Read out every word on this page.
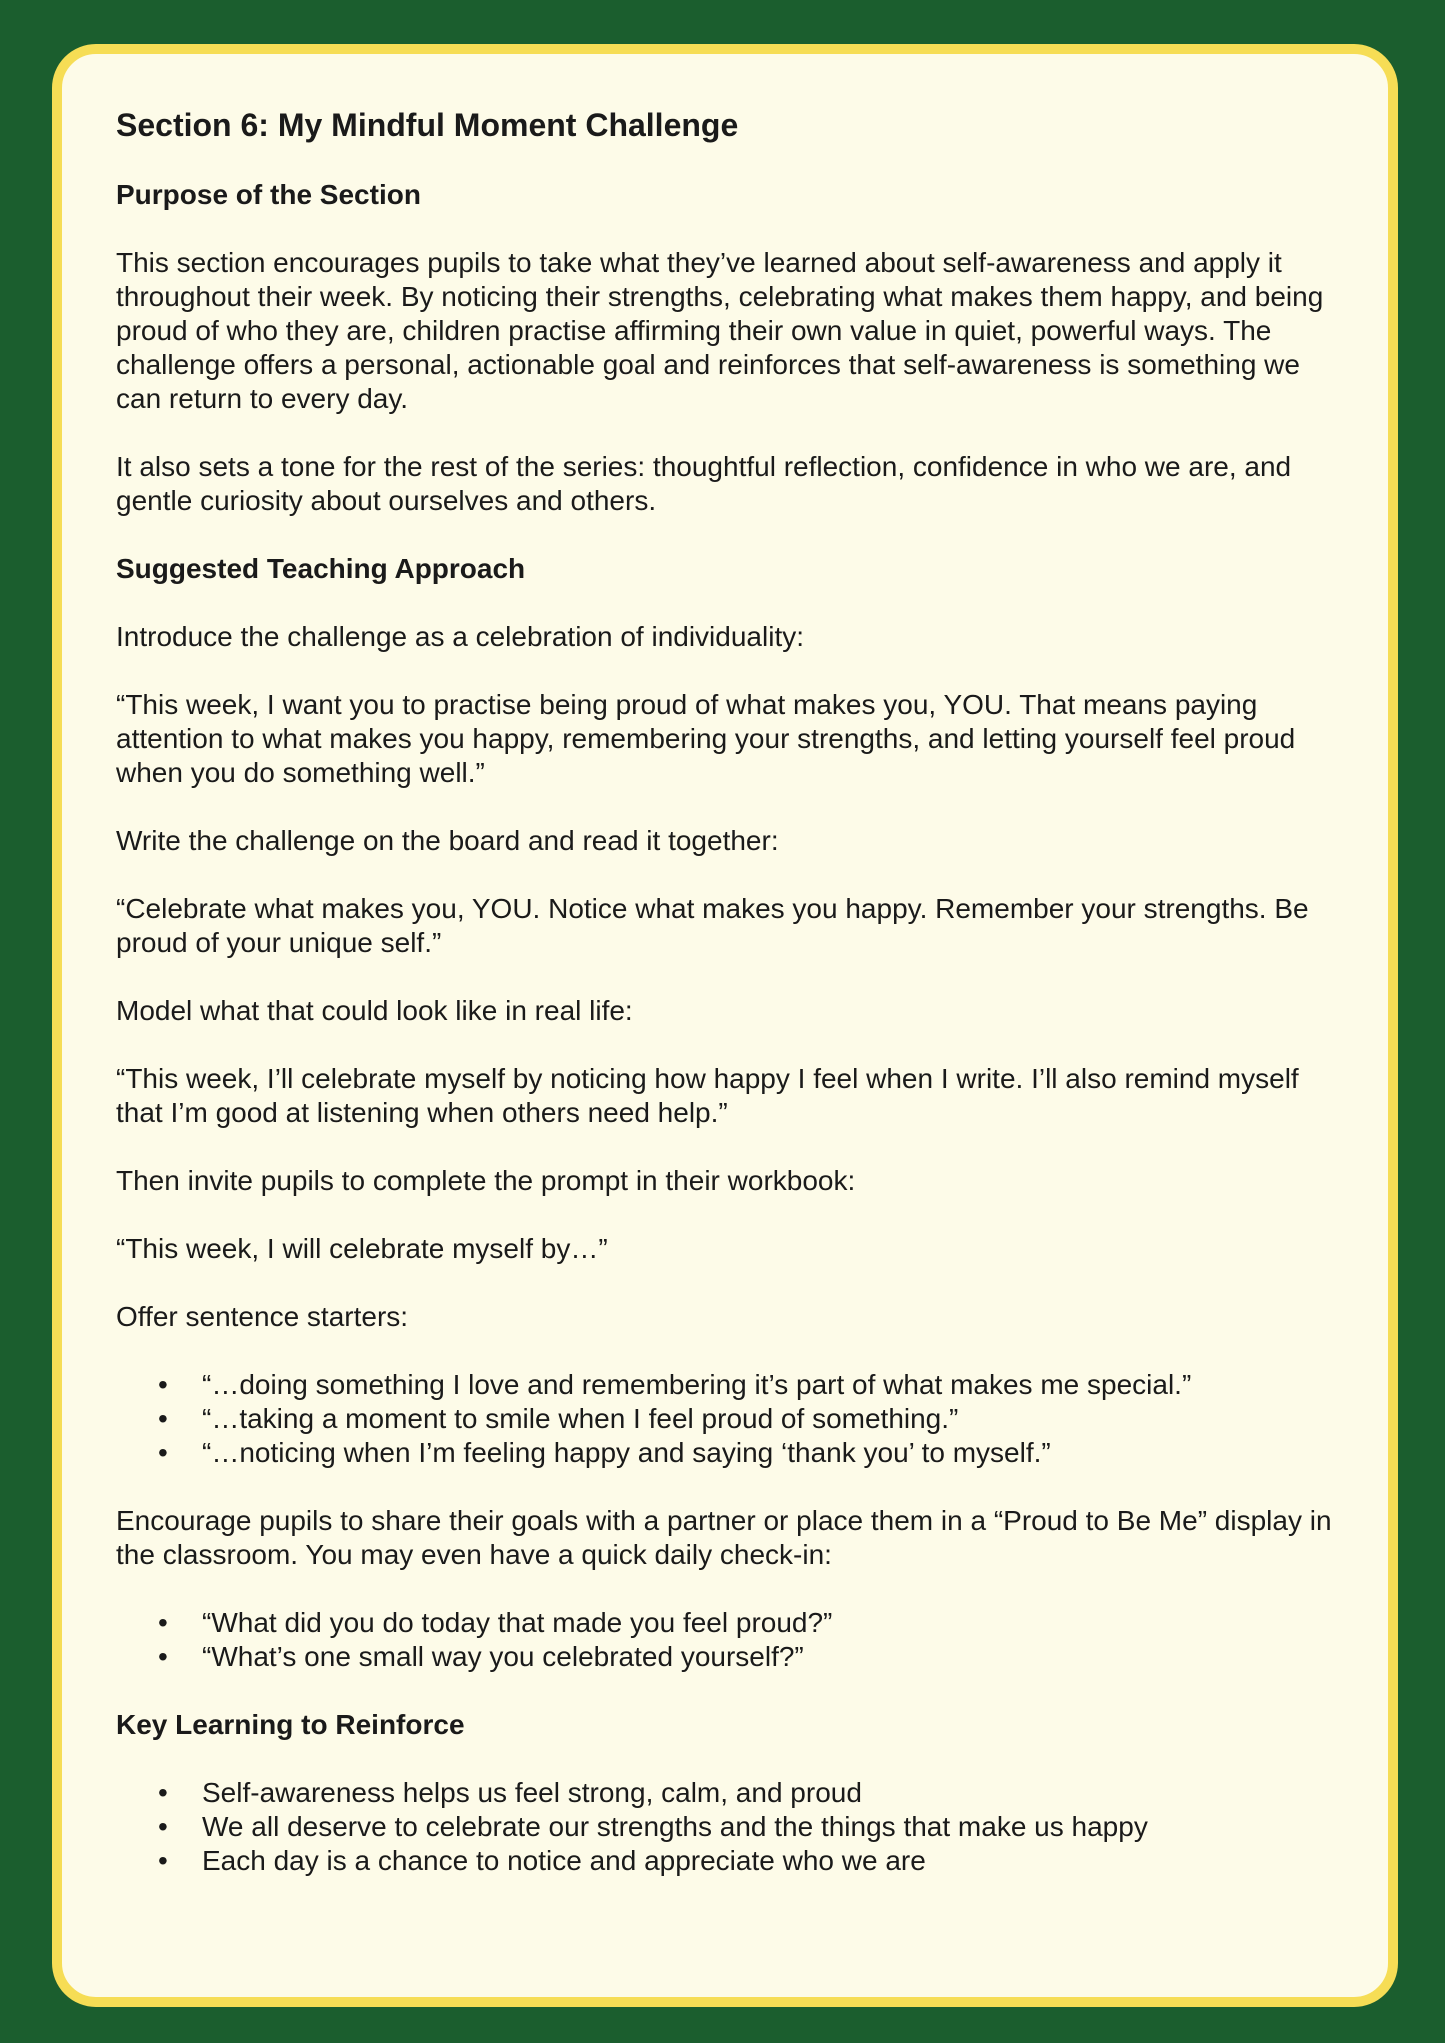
Section 6: My Mindful Moment Challenge
Purpose of the Section

This section encourages pupils to take what they’ve learned about self-awareness and apply it throughout their week. By noticing their strengths, celebrating what makes them happy, and being proud of who they are, children practise affirming their own value in quiet, powerful ways. The challenge offers a personal, actionable goal and reinforces that self-awareness is something we can return to every day.

It also sets a tone for the rest of the series: thoughtful reflection, confidence in who we are, and gentle curiosity about ourselves and others.

Suggested Teaching Approach

Introduce the challenge as a celebration of individuality:

“This week, I want you to practise being proud of what makes you, YOU. That means paying attention to what makes you happy, remembering your strengths, and letting yourself feel proud when you do something well.”

Write the challenge on the board and read it together:

“Celebrate what makes you, YOU. Notice what makes you happy. Remember your strengths. Be proud of your unique self.”

Model what that could look like in real life:

“This week, I’ll celebrate myself by noticing how happy I feel when I write. I’ll also remind myself that I’m good at listening when others need help.”

Then invite pupils to complete the prompt in their workbook:

“This week, I will celebrate myself by…”

Offer sentence starters:

• “…doing something I love and remembering it’s part of what makes me special.”
• “…taking a moment to smile when I feel proud of something.”
• “…noticing when I’m feeling happy and saying ‘thank you’ to myself.”

Encourage pupils to share their goals with a partner or place them in a “Proud to Be Me” display in the classroom. You may even have a quick daily check-in:

• “What did you do today that made you feel proud?”
• “What’s one small way you celebrated yourself?”
Key Learning to Reinforce
• Self-awareness helps us feel strong, calm, and proud
• We all deserve to celebrate our strengths and the things that make us happy
• Each day is a chance to notice and appreciate who we are
